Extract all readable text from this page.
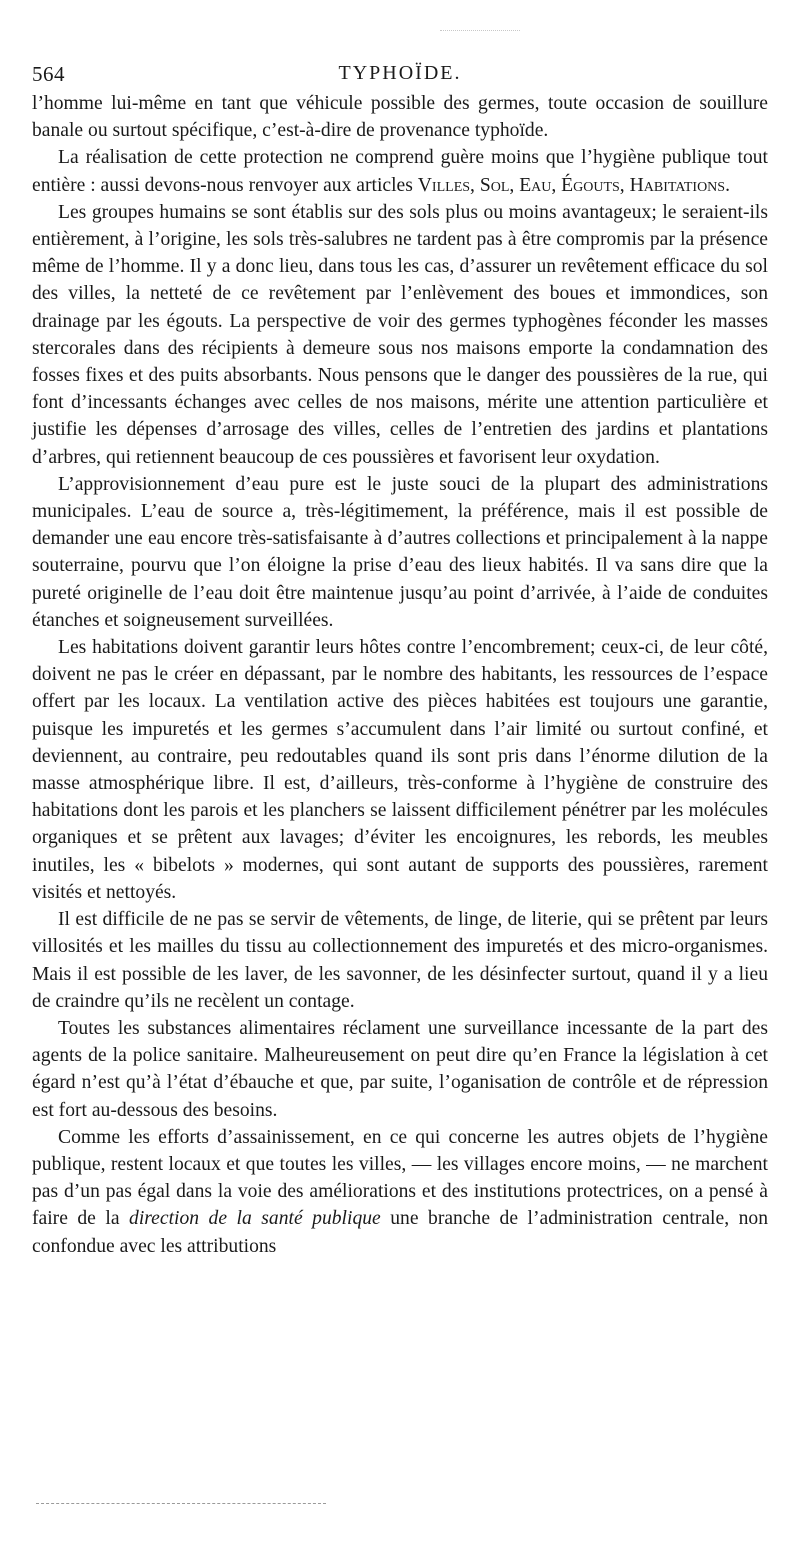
564	TYPHOÏDE.

l’homme lui-même en tant que véhicule possible des germes, toute occasion de souillure banale ou surtout spécifique, c’est-à-dire de provenance typhoïde.

La réalisation de cette protection ne comprend guère moins que l’hygiène publique tout entière : aussi devons-nous renvoyer aux articles Villes, Sol, Eau, Égouts, Habitations.

Les groupes humains se sont établis sur des sols plus ou moins avantageux; le seraient-ils entièrement, à l’origine, les sols très-salubres ne tardent pas à être compromis par la présence même de l’homme. Il y a donc lieu, dans tous les cas, d’assurer un revêtement efficace du sol des villes, la netteté de ce revêtement par l’enlèvement des boues et immondices, son drainage par les égouts. La perspective de voir des germes typhogènes féconder les masses stercorales dans des récipients à demeure sous nos maisons emporte la condamnation des fosses fixes et des puits absorbants. Nous pensons que le danger des poussières de la rue, qui font d’incessants échanges avec celles de nos maisons, mérite une attention particulière et justifie les dépenses d’arrosage des villes, celles de l’entretien des jardins et plantations d’arbres, qui retiennent beaucoup de ces poussières et favorisent leur oxydation.

L’approvisionnement d’eau pure est le juste souci de la plupart des administrations municipales. L’eau de source a, très-légitimement, la préférence, mais il est possible de demander une eau encore très-satisfaisante à d’autres collections et principalement à la nappe souterraine, pourvu que l’on éloigne la prise d’eau des lieux habités. Il va sans dire que la pureté originelle de l’eau doit être maintenue jusqu’au point d’arrivée, à l’aide de conduites étanches et soigneusement surveillées.

Les habitations doivent garantir leurs hôtes contre l’encombrement; ceux-ci, de leur côté, doivent ne pas le créer en dépassant, par le nombre des habitants, les ressources de l’espace offert par les locaux. La ventilation active des pièces habitées est toujours une garantie, puisque les impuretés et les germes s’accumulent dans l’air limité ou surtout confiné, et deviennent, au contraire, peu redoutables quand ils sont pris dans l’énorme dilution de la masse atmosphérique libre. Il est, d’ailleurs, très-conforme à l’hygiène de construire des habitations dont les parois et les planchers se laissent difficilement pénétrer par les molécules organiques et se prêtent aux lavages; d’éviter les encoignures, les rebords, les meubles inutiles, les « bibelots » modernes, qui sont autant de supports des poussières, rarement visités et nettoyés.

Il est difficile de ne pas se servir de vêtements, de linge, de literie, qui se prêtent par leurs villosités et les mailles du tissu au collectionnement des impuretés et des micro-organismes. Mais il est possible de les laver, de les savonner, de les désinfecter surtout, quand il y a lieu de craindre qu’ils ne recèlent un contage.

Toutes les substances alimentaires réclament une surveillance incessante de la part des agents de la police sanitaire. Malheureusement on peut dire qu’en France la législation à cet égard n’est qu’à l’état d’ébauche et que, par suite, l’oganisation de contrôle et de répression est fort au-dessous des besoins.

Comme les efforts d’assainissement, en ce qui concerne les autres objets de l’hygiène publique, restent locaux et que toutes les villes, — les villages encore moins, — ne marchent pas d’un pas égal dans la voie des améliorations et des institutions protectrices, on a pensé à faire de la direction de la santé publique une branche de l’administration centrale, non confondue avec les attributions
